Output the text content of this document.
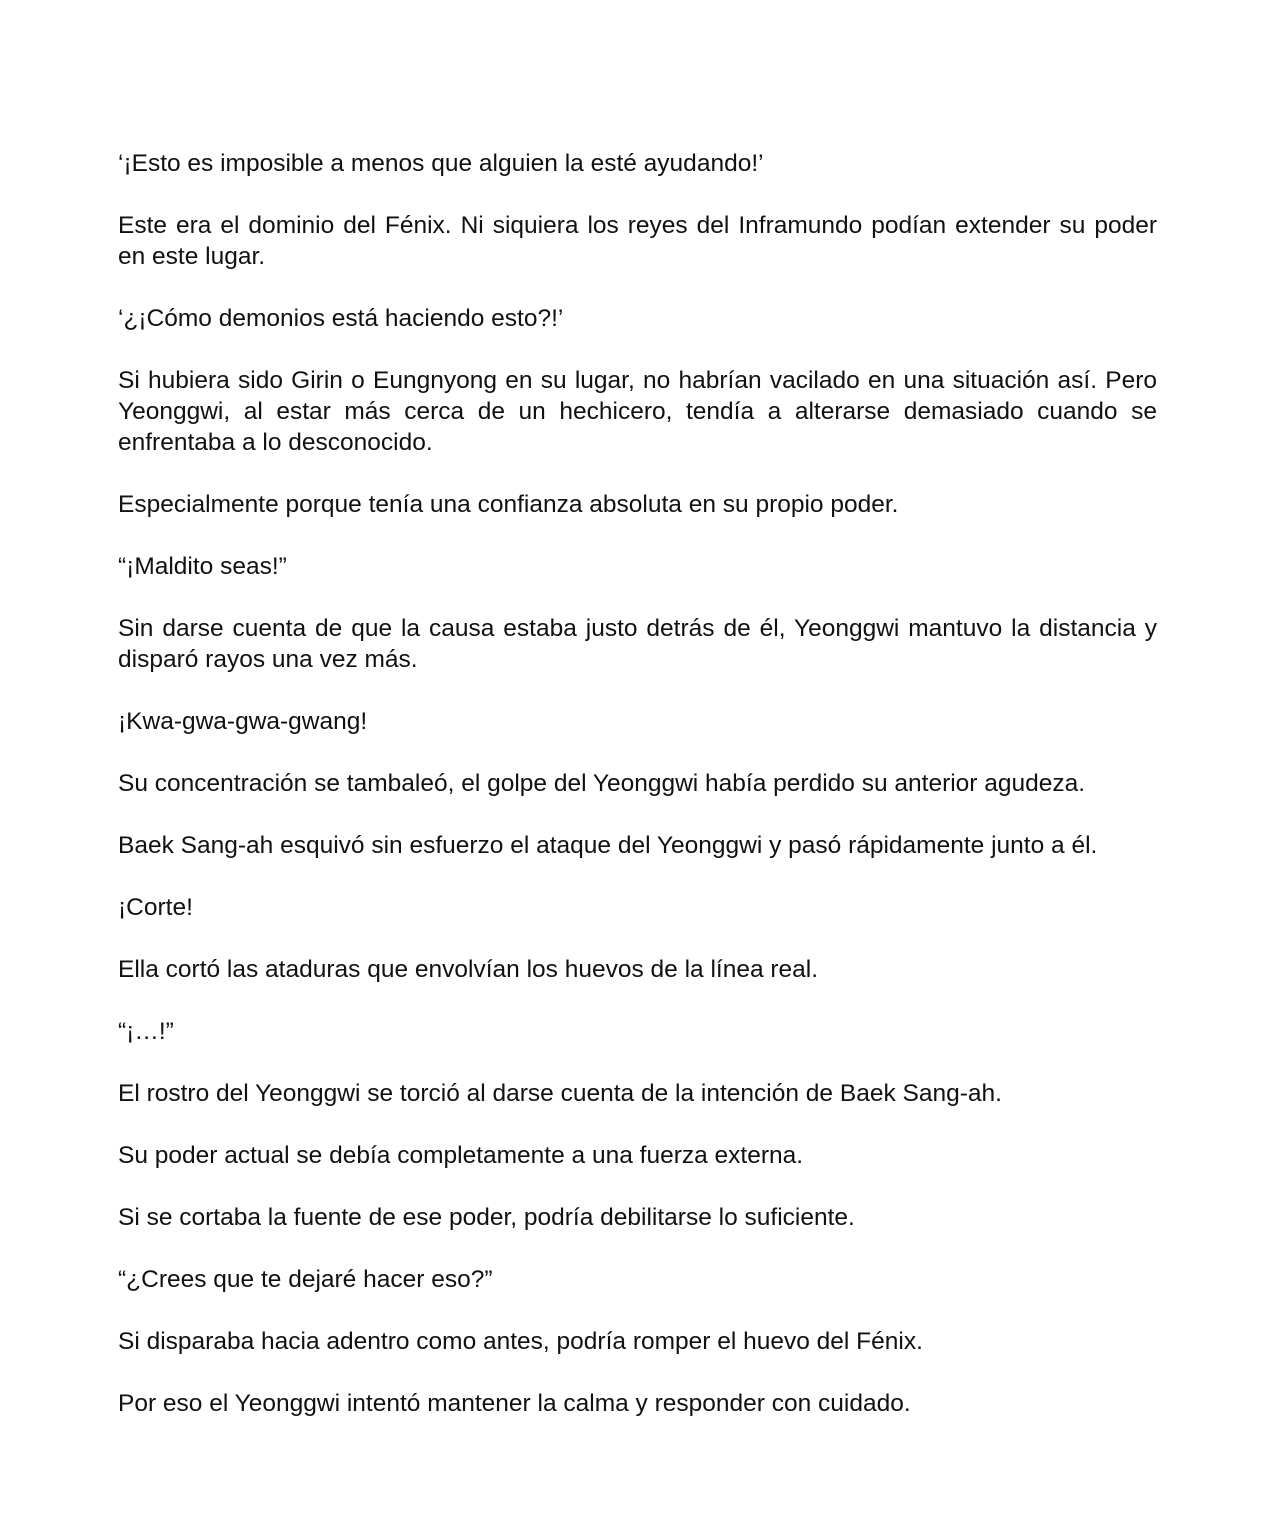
‘¡Esto es imposible a menos que alguien la esté ayudando!’

Este era el dominio del Fénix. Ni siquiera los reyes del Inframundo podían extender su poder en este lugar.

‘¿¡Cómo demonios está haciendo esto?!’

Si hubiera sido Girin o Eungnyong en su lugar, no habrían vacilado en una situación así. Pero Yeonggwi, al estar más cerca de un hechicero, tendía a alterarse demasiado cuando se enfrentaba a lo desconocido.

Especialmente porque tenía una confianza absoluta en su propio poder.

“¡Maldito seas!”

Sin darse cuenta de que la causa estaba justo detrás de él, Yeonggwi mantuvo la distancia y disparó rayos una vez más.

¡Kwa-gwa-gwa-gwang!

Su concentración se tambaleó, el golpe del Yeonggwi había perdido su anterior agudeza.

Baek Sang-ah esquivó sin esfuerzo el ataque del Yeonggwi y pasó rápidamente junto a él.

¡Corte!

Ella cortó las ataduras que envolvían los huevos de la línea real.

“¡…!”

El rostro del Yeonggwi se torció al darse cuenta de la intención de Baek Sang-ah.

Su poder actual se debía completamente a una fuerza externa.

Si se cortaba la fuente de ese poder, podría debilitarse lo suficiente.

“¿Crees que te dejaré hacer eso?”

Si disparaba hacia adentro como antes, podría romper el huevo del Fénix.

Por eso el Yeonggwi intentó mantener la calma y responder con cuidado.
